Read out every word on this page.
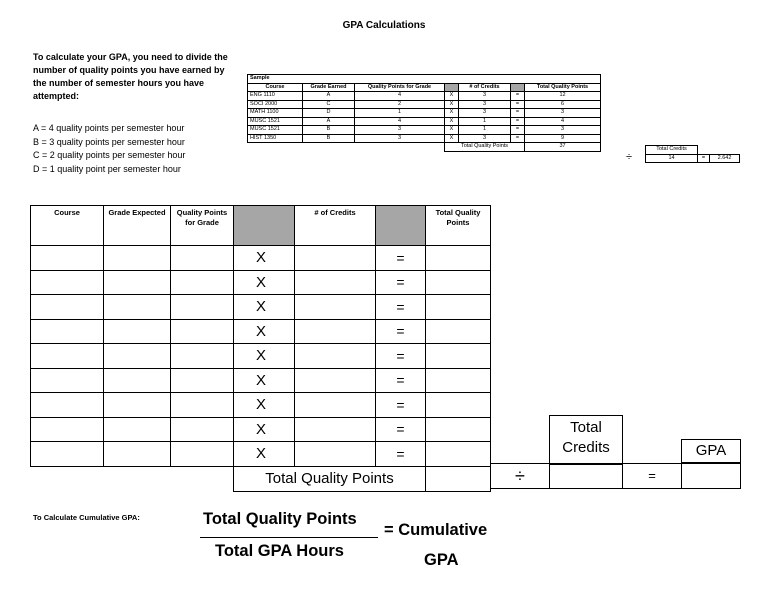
GPA Calculations
To calculate your GPA, you need to divide the
number of quality points you have earned by
the number of semester hours you have
attempted:
A = 4 quality points per semester hour
B = 3 quality points per semester hour
C = 2 quality points per semester hour
D = 1 quality point per semester hour
Sample						
Course	Grade Earned	Quality Points for Grade		# of Credits		Total Quality Points
ENG 1110	A	4	X	3	=	12
SOCI 2000	C	2	X	3	=	6
MATH 1100	D	1	X	3	=	3
MUSC 1521	A	4	X	1	=	4
MUSC 1521	B	3	X	1	=	3
HIST 1350	B	3	X	3	=	9
			Total Quality Points			37
÷
Total Credits		
14	=	2.642
Course	Grade Expected	Quality Points for Grade		# of Credits		Total Quality Points
			X		=	
			X		=	
			X		=	
			X		=	
			X		=	
			X		=	
			X		=	
			X		=	
			X		=	
			Total Quality Points				÷
Total Credits
=
GPA
To Calculate Cumulative GPA:	Total Quality Points
Total GPA Hours
= Cumulative
GPA
